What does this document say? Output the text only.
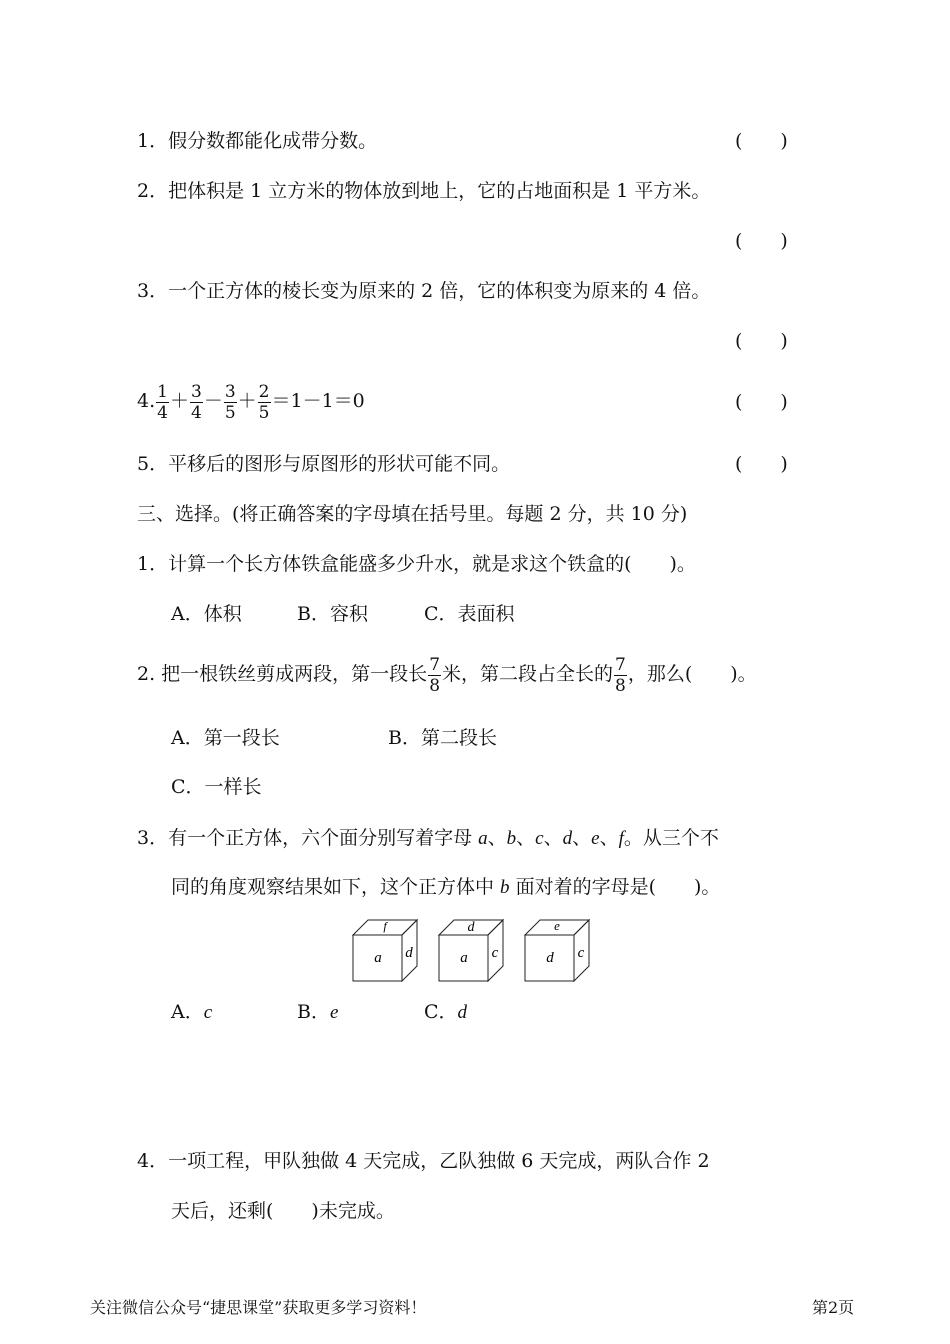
1．假分数都能化成带分数。	(　　)
2．把体积是 1 立方米的物体放到地上，它的占地面积是 1 平方米。
(　　)
3．一个正方体的棱长变为原来的 2 倍，它的体积变为原来的 4 倍。
(　　)
4. $\frac{1}{4} + \frac{3}{4} - \frac{3}{5} + \frac{2}{5} =1-1=0$	(　　)
5．平移后的图形与原图形的形状可能不同。	(　　)
三、选择。(将正确答案的字母填在括号里。每题 2 分，共 10 分)
1．计算一个长方体铁盒能盛多少升水，就是求这个铁盒的(　　)。
A．体积	B．容积	C．表面积
2. 把一根铁丝剪成两段，第一段长 $\frac{7}{8}$ 米，第二段占全长的 $\frac{7}{8}$ ，那么(　　)。
A．第一段长	B．第二段长
C．一样长
3．有一个正方体，六个面分别写着字母 a、b、c、d、e、f。从三个不
同的角度观察结果如下，这个正方体中 b 面对着的字母是(　　)。
f
a d
d
a c
e
d c
A．c	B．e	C．d
4．一项工程，甲队独做 4 天完成，乙队独做 6 天完成，两队合作 2
天后，还剩(　　)未完成。
关注微信公众号“捷思课堂”获取更多学习资料！	第2页
